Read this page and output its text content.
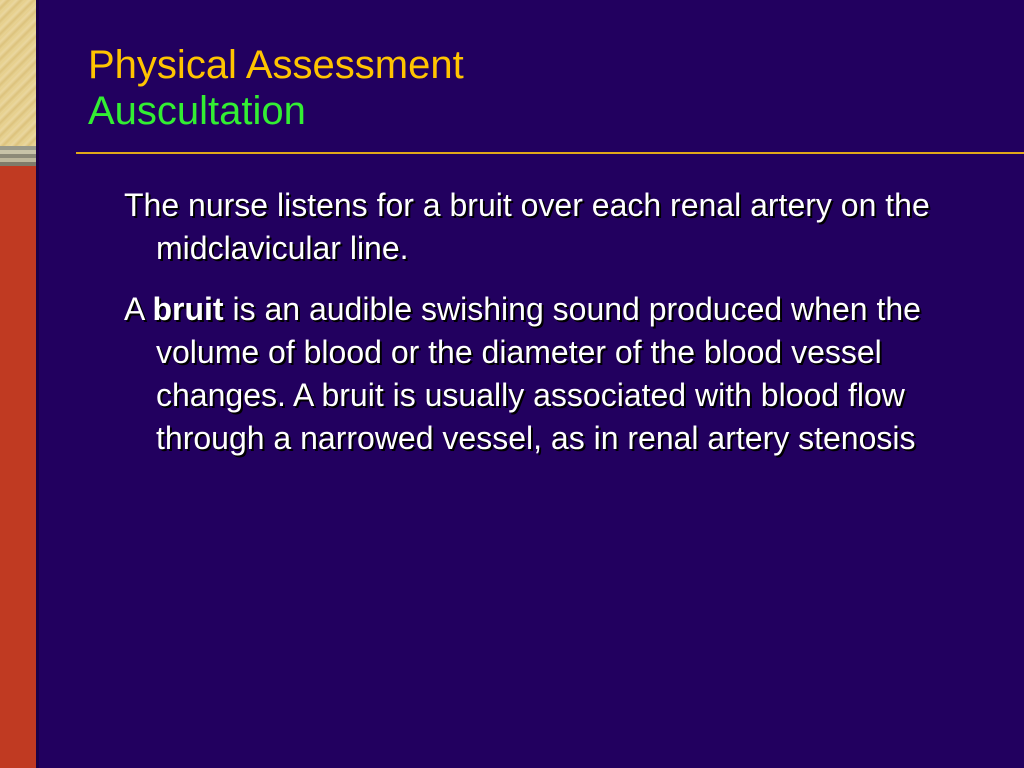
Physical Assessment
Auscultation

The nurse listens for a bruit over each renal artery on the midclavicular line.

A bruit is an audible swishing sound produced when the volume of blood or the diameter of the blood vessel changes. A bruit is usually associated with blood flow through a narrowed vessel, as in renal artery stenosis
